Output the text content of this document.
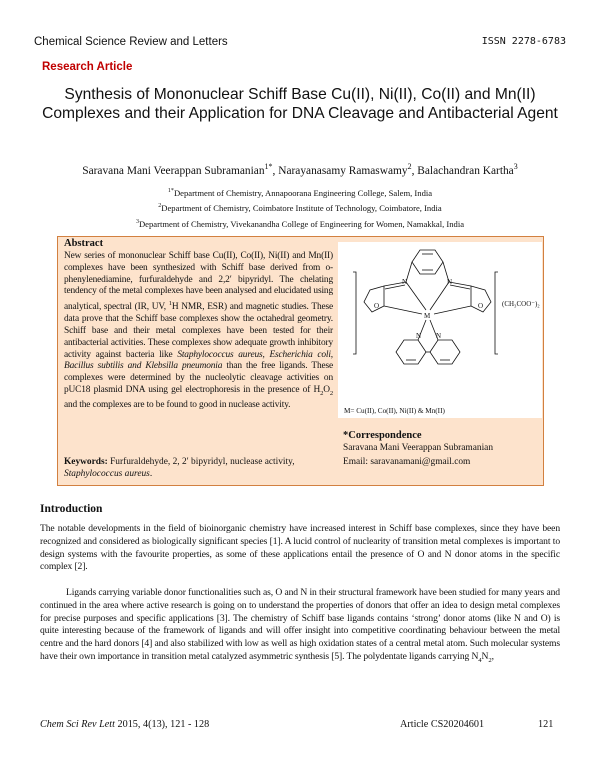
Chemical Science Review and Letters	ISSN 2278-6783
Research Article
Synthesis of Mononuclear Schiff Base Cu(II), Ni(II), Co(II) and Mn(II) Complexes and their Application for DNA Cleavage and Antibacterial Agent
Saravana Mani Veerappan Subramanian$^{1*}$, Narayanasamy Ramaswamy$^2$, Balachandran Kartha$^3$
$^{1*}$Department of Chemistry, Annapoorana Engineering College, Salem, India
$^2$Department of Chemistry, Coimbatore Institute of Technology, Coimbatore, India
$^3$Department of Chemistry, Vivekanandha College of Engineering for Women, Namakkal, India
Abstract

New series of mononuclear Schiff base Cu(II), Co(II), Ni(II) and Mn(II) complexes have been synthesized with Schiff base derived from o- phenylenediamine, furfuraldehyde and 2,2′ bipyridyl. The chelating tendency of the metal complexes have been analysed and elucidated using analytical, spectral (IR, UV, $^1$H NMR, ESR) and magnetic studies. These data prove that the Schiff base complexes show the octahedral geometry. Schiff base and their metal complexes have been tested for their antibacterial activities. These complexes show adequate growth inhibitory activity against bacteria like Staphylococcus aureus, Escherichia coli, Bacillus subtilis and Klebsilla pneumonia than the free ligands. These complexes were determined by the nucleolytic cleavage activities on pUC18 plasmid DNA using gel electrophoresis in the presence of $H_2O_2$ and the complexes are to be found to good in nuclease activity.

Keywords: Furfuraldehyde, 2, 2′ bipyridyl, nuclease activity, Staphylococcus aureus.

M
N	N
O	O
N N
(CH₃COO⁻)₂
M= Cu(II), Co(II), Ni(II) & Mn(II)
*Correspondence
Saravana Mani Veerappan Subramanian
Email: saravanamani@gmail.com
Introduction

The notable developments in the field of bioinorganic chemistry have increased interest in Schiff base complexes, since they have been recognized and considered as biologically significant species [1]. A lucid control of nuclearity of transition metal complexes is important to design systems with the favourite properties, as some of these applications entail the presence of O and N donor atoms in the specific complex [2].

Ligands carrying variable donor functionalities such as, O and N in their structural framework have been studied for many years and continued in the area where active research is going on to understand the properties of donors that offer an idea to design metal complexes for precise purposes and specific applications [3]. The chemistry of Schiff base ligands contains ‘strong’ donor atoms (like N and O) is quite interesting because of the framework of ligands and will offer insight into competitive coordinating behaviour between the metal centre and the hard donors [4] and also stabilized with low as well as high oxidation states of a central metal atom. Such molecular systems have their own importance in transition metal catalyzed asymmetric synthesis [5]. The polydentate ligands carrying $N_4N_2$,

Chem Sci Rev Lett 2015, 4(13), 121 - 128	Article CS20204601	121
